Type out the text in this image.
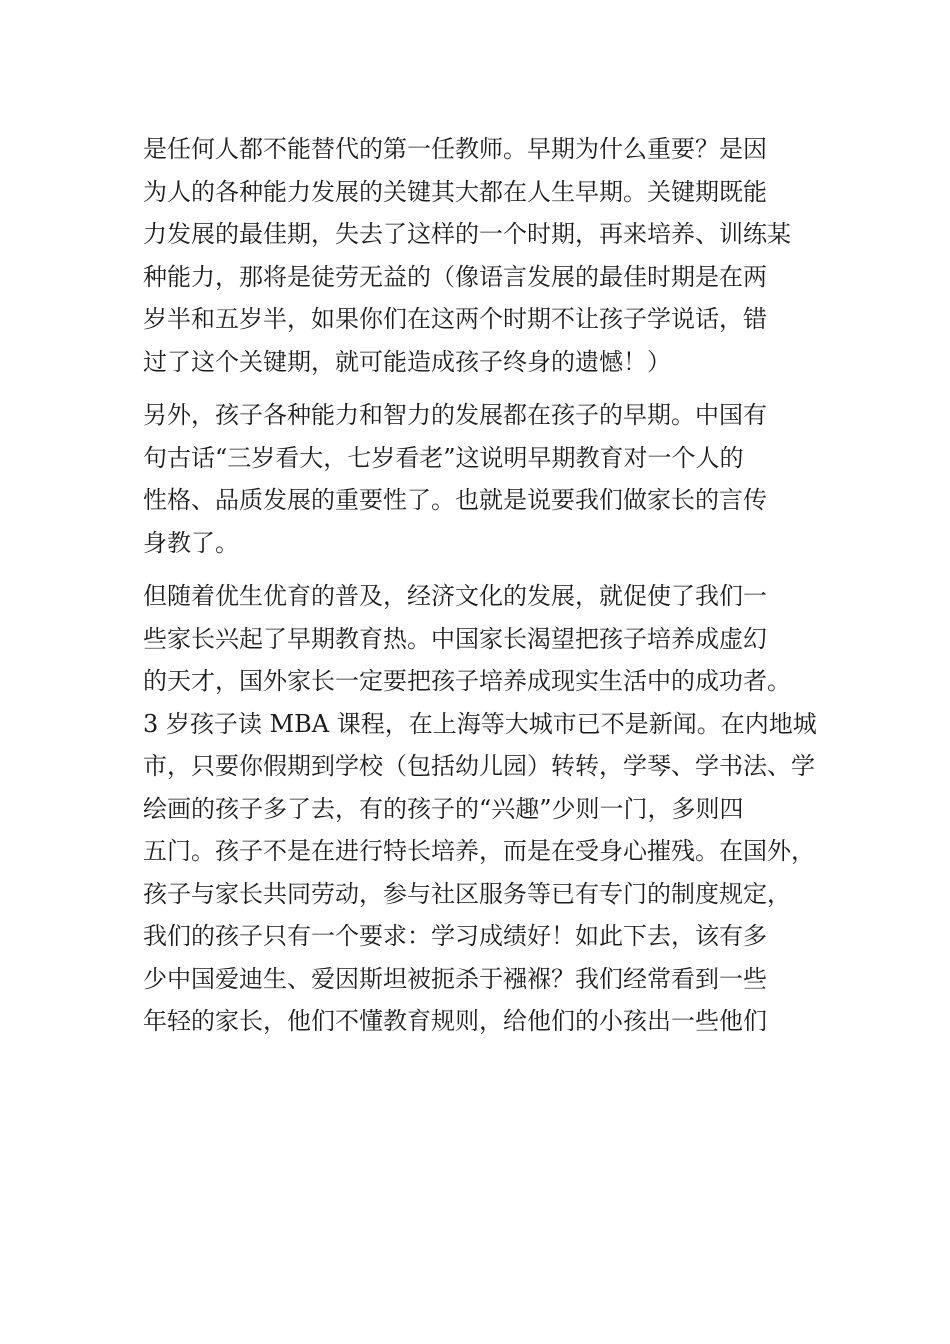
是任何人都不能替代的第一任教师。早期为什么重要？是因
为人的各种能力发展的关键其大都在人生早期。关键期既能
力发展的最佳期，失去了这样的一个时期，再来培养、训练某
种能力，那将是徒劳无益的（像语言发展的最佳时期是在两
岁半和五岁半，如果你们在这两个时期不让孩子学说话，错
过了这个关键期，就可能造成孩子终身的遗憾！）

另外，孩子各种能力和智力的发展都在孩子的早期。中国有
句古话“三岁看大，七岁看老”这说明早期教育对一个人的
性格、品质发展的重要性了。也就是说要我们做家长的言传
身教了。

但随着优生优育的普及，经济文化的发展，就促使了我们一
些家长兴起了早期教育热。中国家长渴望把孩子培养成虚幻
的天才，国外家长一定要把孩子培养成现实生活中的成功者。
3 岁孩子读 MBA 课程，在上海等大城市已不是新闻。在内地城
市，只要你假期到学校（包括幼儿园）转转，学琴、学书法、学
绘画的孩子多了去，有的孩子的“兴趣”少则一门，多则四
五门。孩子不是在进行特长培养，而是在受身心摧残。在国外，
孩子与家长共同劳动，参与社区服务等已有专门的制度规定，
我们的孩子只有一个要求：学习成绩好！如此下去，该有多
少中国爱迪生、爱因斯坦被扼杀于襁褓？我们经常看到一些
年轻的家长，他们不懂教育规则，给他们的小孩出一些他们
